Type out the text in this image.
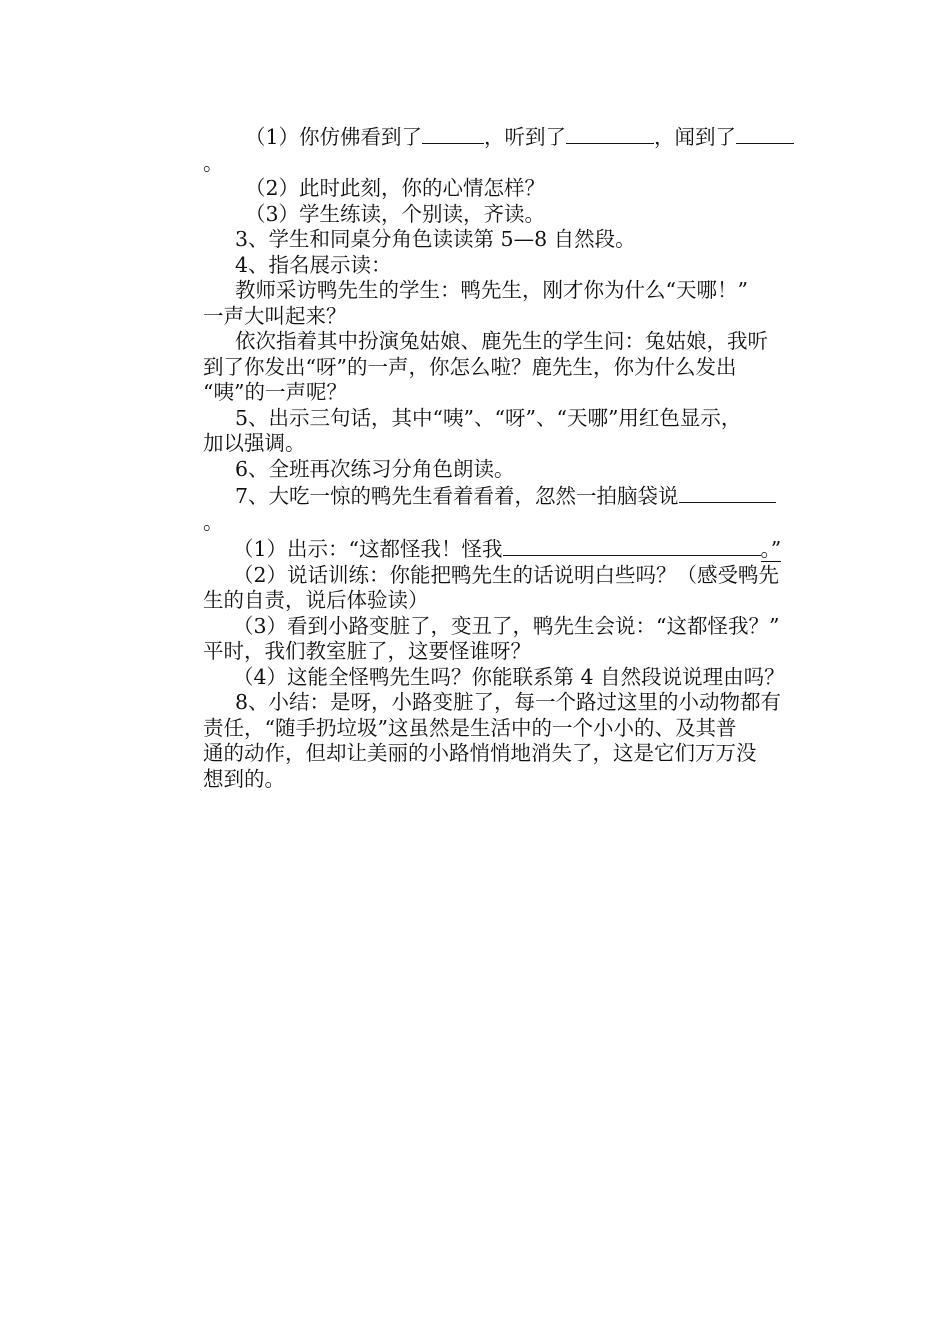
（1）你仿佛看到了	，听到了	，闻到了

。

（2）此时此刻，你的心情怎样？

（3）学生练读，个别读，齐读。

3、学生和同桌分角色读读第 5—8 自然段。

4、指名展示读：

教师采访鸭先生的学生：鸭先生，刚才你为什么“天哪！”

一声大叫起来？

依次指着其中扮演兔姑娘、鹿先生的学生问：兔姑娘，我听

到了你发出“呀”的一声，你怎么啦？鹿先生，你为什么发出

“咦”的一声呢？

5、出示三句话，其中“咦”、“呀”、“天哪”用红色显示，

加以强调。

6、全班再次练习分角色朗读。

7、大吃一惊的鸭先生看着看着，忽然一拍脑袋说

。

（1）出示：“这都怪我！怪我	。”

（2）说话训练：你能把鸭先生的话说明白些吗？（感受鸭先

生的自责，说后体验读）

（3）看到小路变脏了，变丑了，鸭先生会说：“这都怪我？”

平时，我们教室脏了，这要怪谁呀？

（4）这能全怪鸭先生吗？你能联系第 4 自然段说说理由吗？

8、小结：是呀，小路变脏了，每一个路过这里的小动物都有

责任，“随手扔垃圾”这虽然是生活中的一个小小的、及其普

通的动作，但却让美丽的小路悄悄地消失了，这是它们万万没

想到的。
